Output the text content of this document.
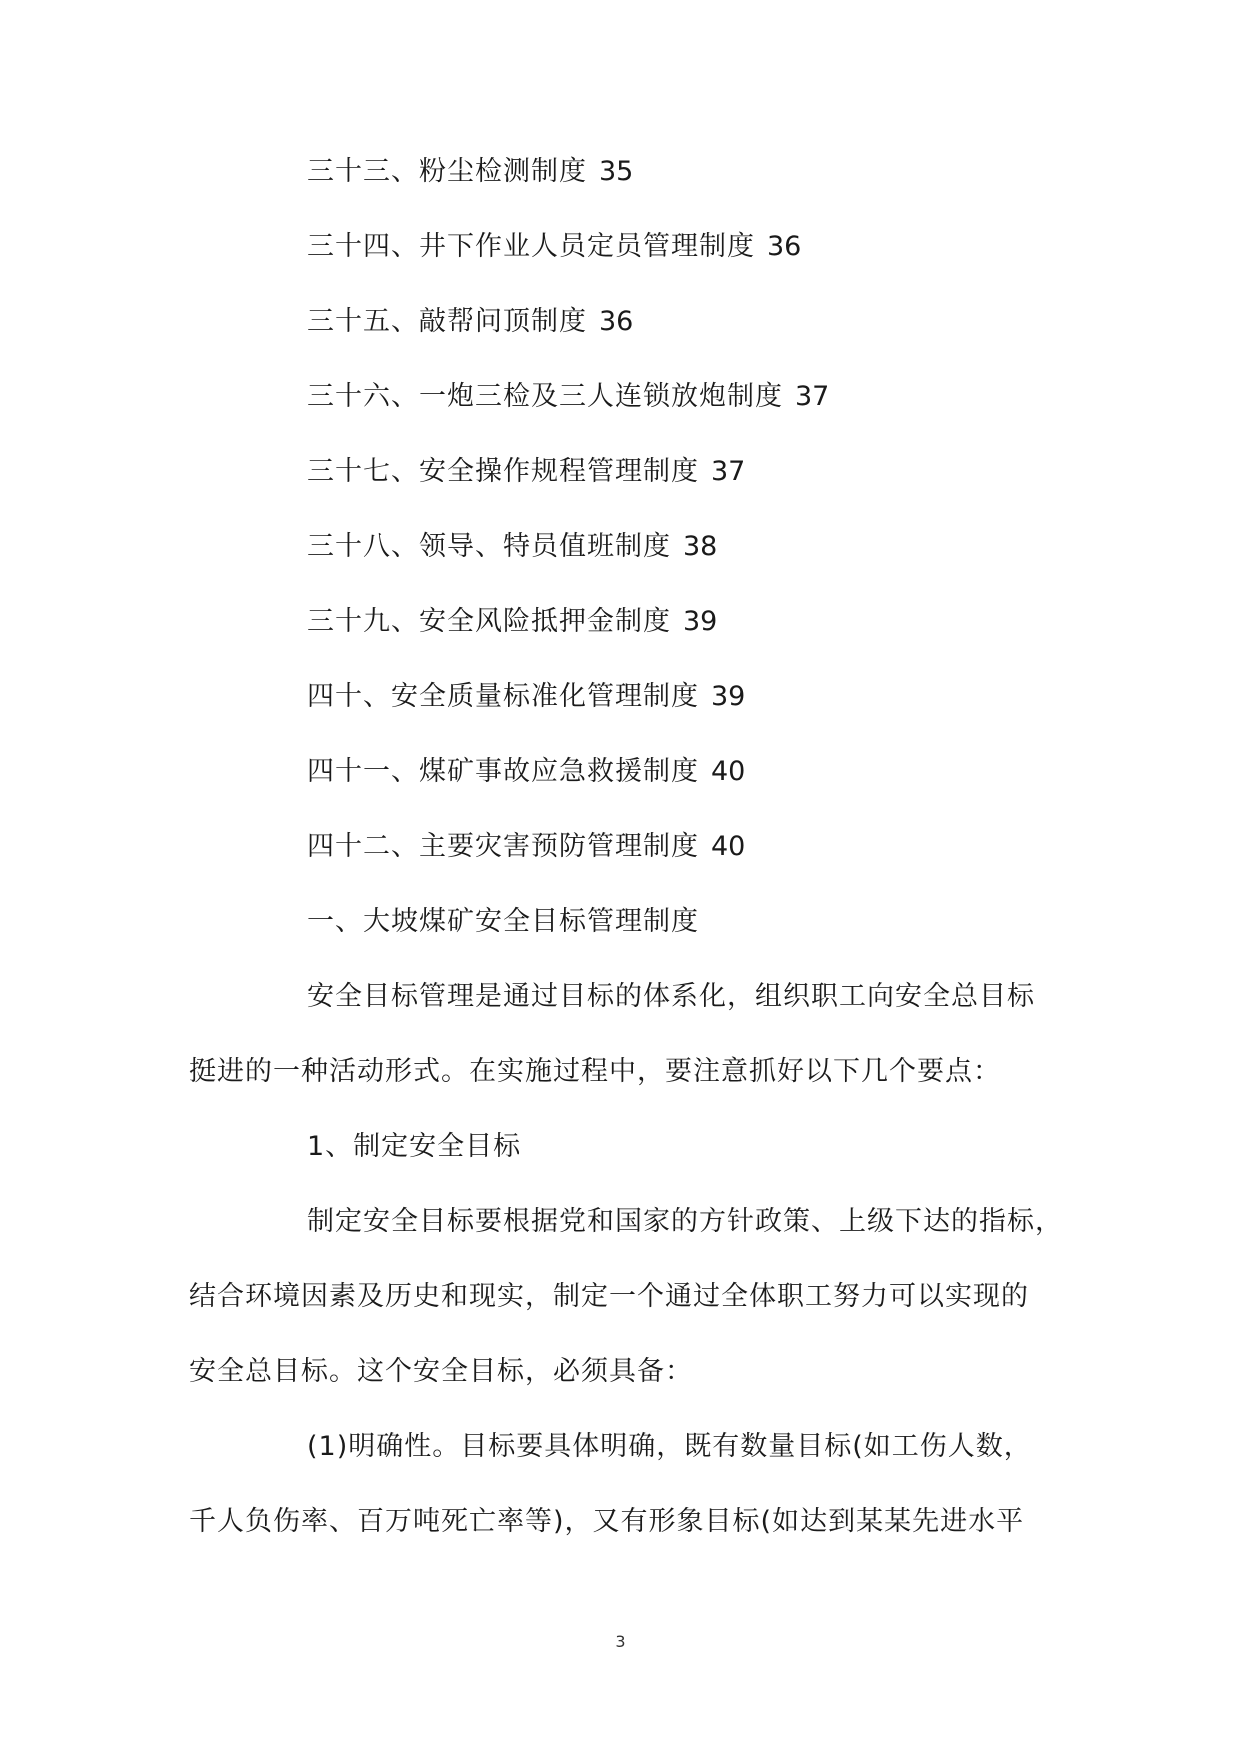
三十三、粉尘检测制度 35
三十四、井下作业人员定员管理制度 36
三十五、敲帮问顶制度 36
三十六、一炮三检及三人连锁放炮制度 37
三十七、安全操作规程管理制度 37
三十八、领导、特员值班制度 38
三十九、安全风险抵押金制度 39
四十、安全质量标准化管理制度 39
四十一、煤矿事故应急救援制度 40
四十二、主要灾害预防管理制度 40
一、大坡煤矿安全目标管理制度
安全目标管理是通过目标的体系化，组织职工向安全总目标
挺进的一种活动形式。在实施过程中，要注意抓好以下几个要点：
1、制定安全目标
制定安全目标要根据党和国家的方针政策、上级下达的指标，
结合环境因素及历史和现实，制定一个通过全体职工努力可以实现的
安全总目标。这个安全目标，必须具备：
(1)明确性。目标要具体明确，既有数量目标(如工伤人数，
千人负伤率、百万吨死亡率等)，又有形象目标(如达到某某先进水平
3
